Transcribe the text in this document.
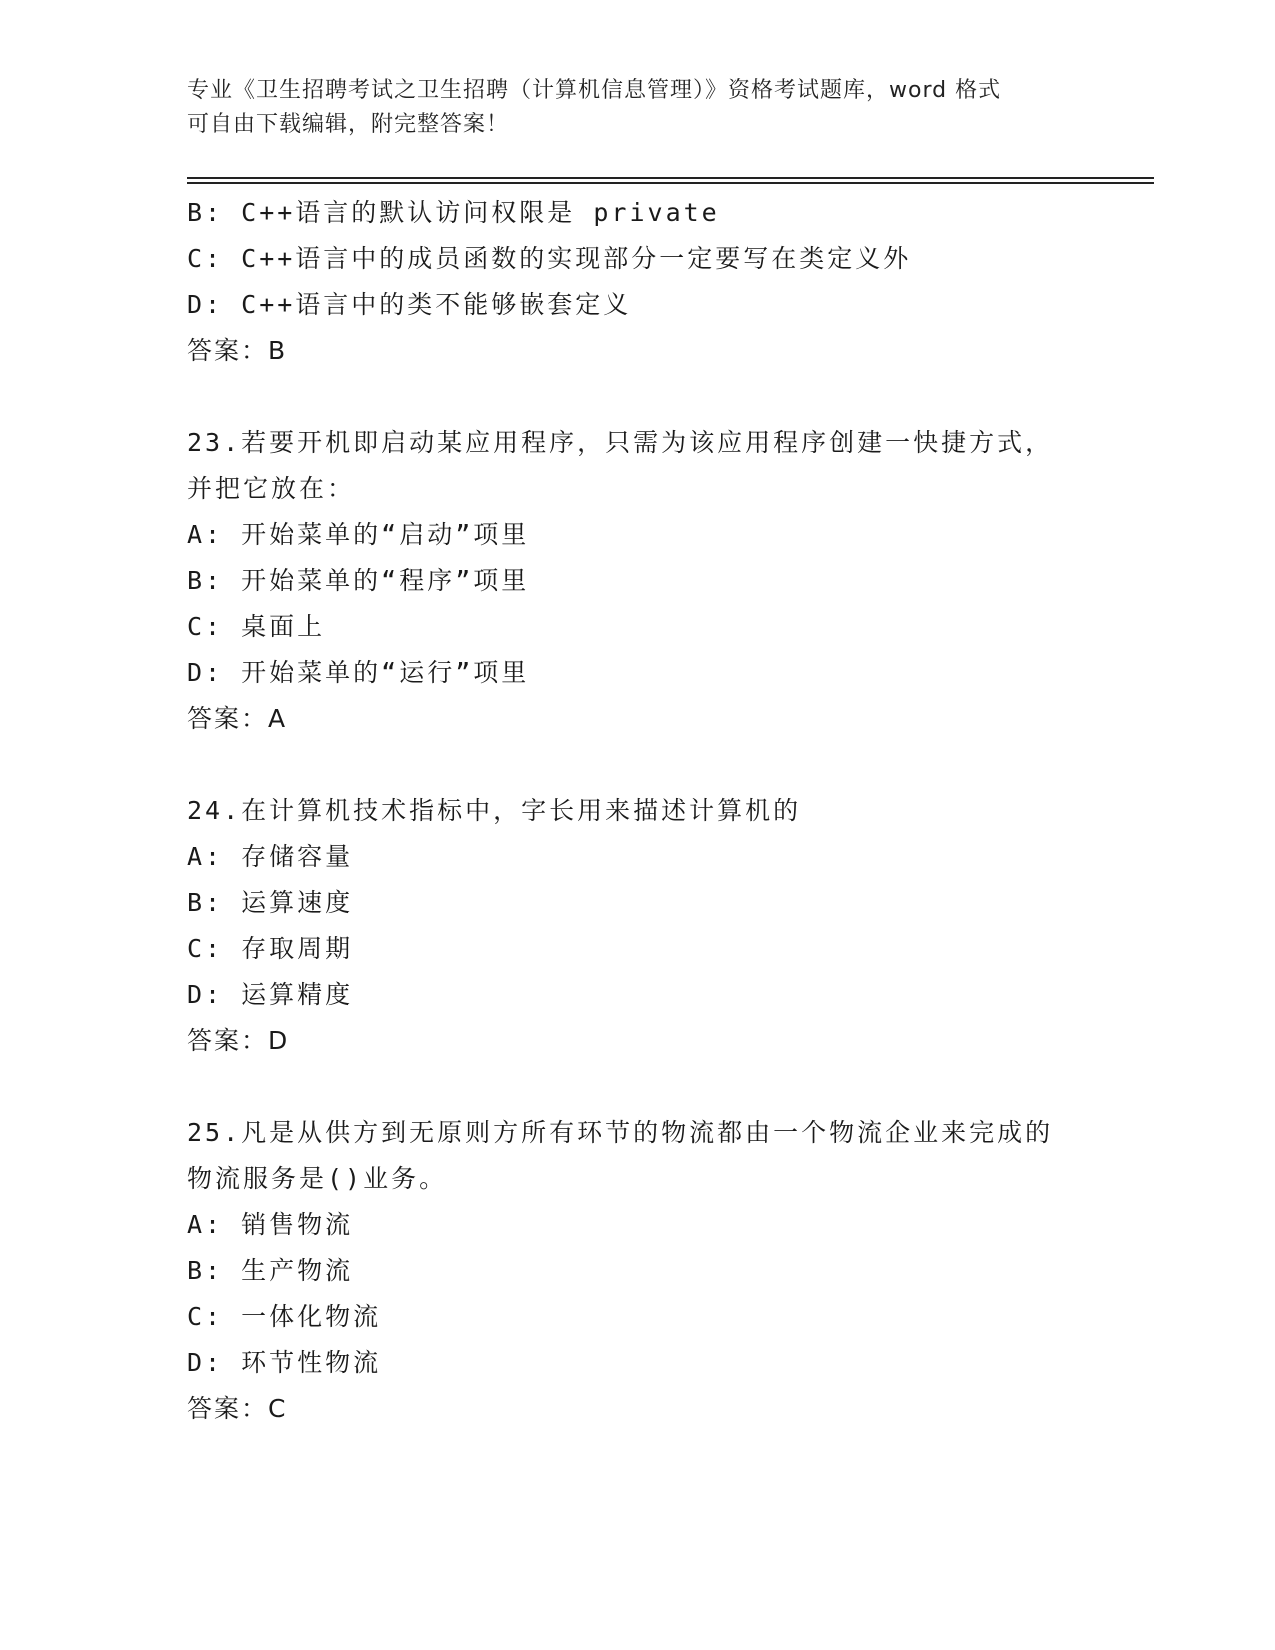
专业《卫生招聘考试之卫生招聘（计算机信息管理）》资格考试题库，word 格式
可自由下载编辑，附完整答案！
B: C++语言的默认访问权限是 private
C: C++语言中的成员函数的实现部分一定要写在类定义外
D: C++语言中的类不能够嵌套定义
答案：B
23.若要开机即启动某应用程序，只需为该应用程序创建一快捷方式，
并把它放在：
A: 开始菜单的“启动”项里
B: 开始菜单的“程序”项里
C: 桌面上
D: 开始菜单的“运行”项里
答案：A
24.在计算机技术指标中，字长用来描述计算机的
A: 存储容量
B: 运算速度
C: 存取周期
D: 运算精度
答案：D
25.凡是从供方到无原则方所有环节的物流都由一个物流企业来完成的
物流服务是()业务。
A: 销售物流
B: 生产物流
C: 一体化物流
D: 环节性物流
答案：C
